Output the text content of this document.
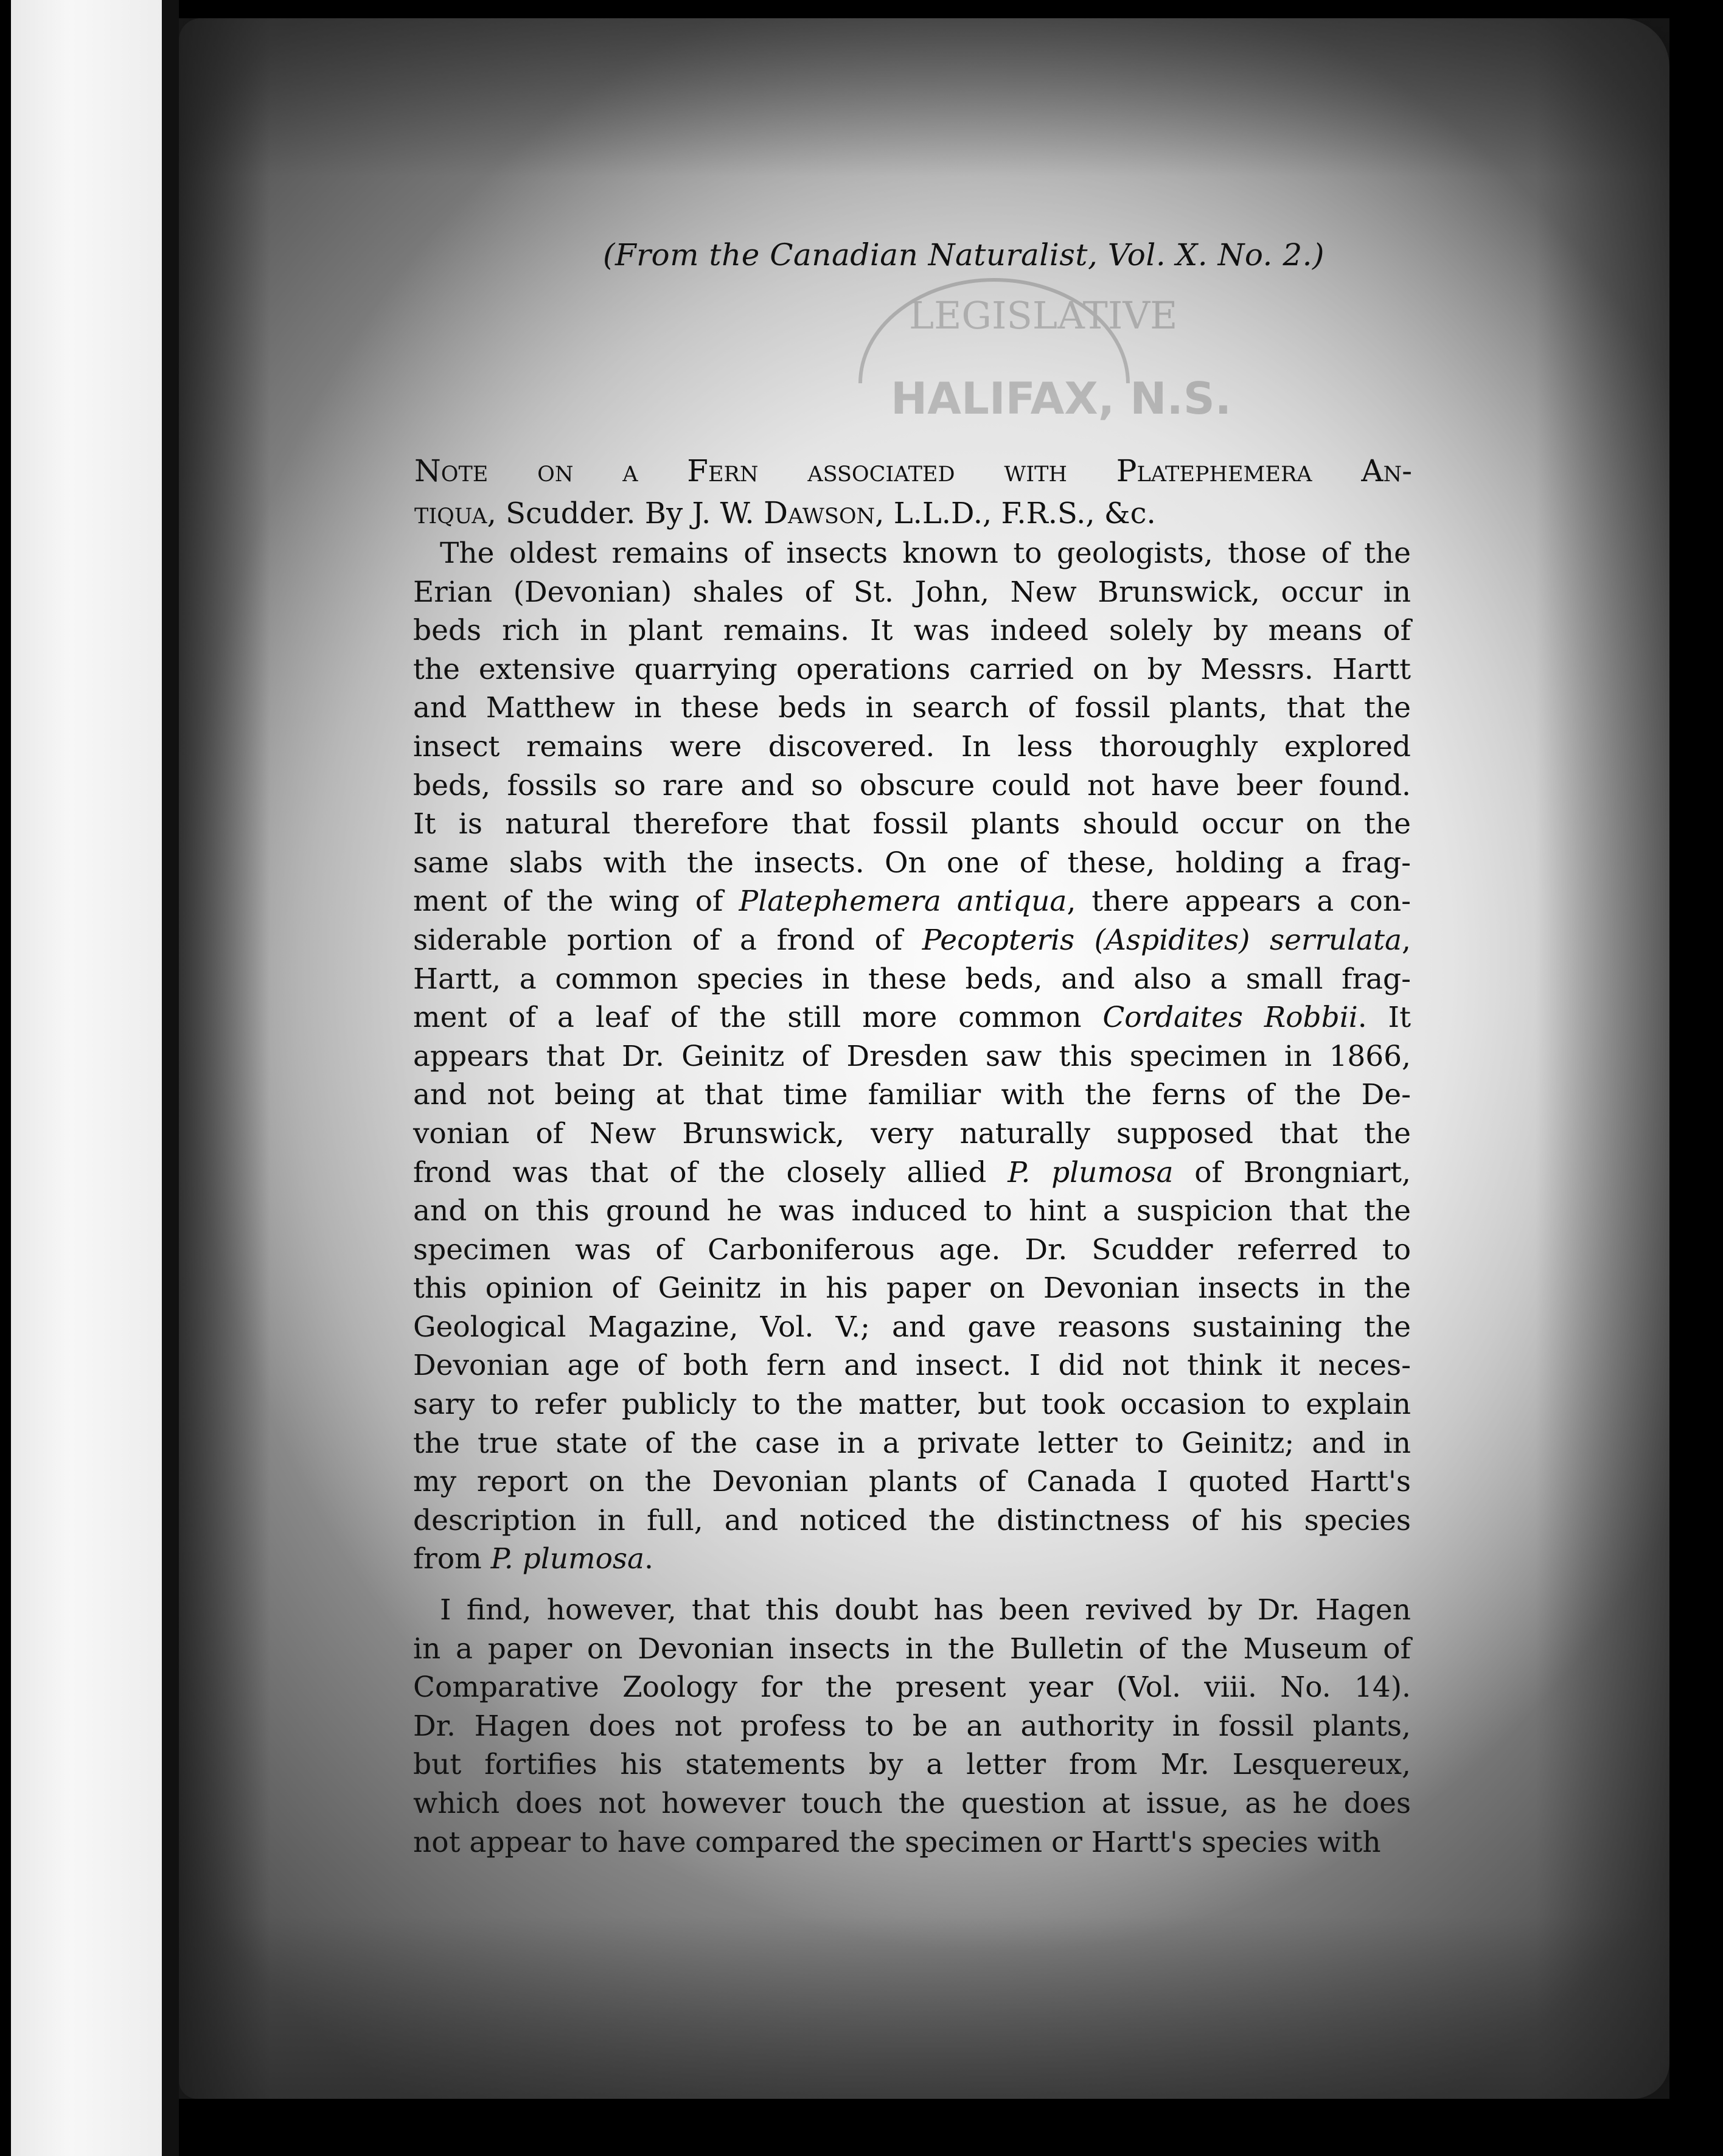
LEGISLATIVE
HALIFAX, N.S.
(From the Canadian Naturalist, Vol. X. No. 2.)
Note on a Fern associated with Platephemera An-
tiqua, Scudder. By J. W. Dawson, L.L.D., F.R.S., &c.
The oldest remains of insects known to geologists, those of the
Erian (Devonian) shales of St. John, New Brunswick, occur in
beds rich in plant remains. It was indeed solely by means of
the extensive quarrying operations carried on by Messrs. Hartt
and Matthew in these beds in search of fossil plants, that the
insect remains were discovered. In less thoroughly explored
beds, fossils so rare and so obscure could not have beer found.
It is natural therefore that fossil plants should occur on the
same slabs with the insects. On one of these, holding a frag-
ment of the wing of Platephemera antiqua, there appears a con-
siderable portion of a frond of Pecopteris (Aspidites) serrulata,
Hartt, a common species in these beds, and also a small frag-
ment of a leaf of the still more common Cordaites Robbii. It
appears that Dr. Geinitz of Dresden saw this specimen in 1866,
and not being at that time familiar with the ferns of the De-
vonian of New Brunswick, very naturally supposed that the
frond was that of the closely allied P. plumosa of Brongniart,
and on this ground he was induced to hint a suspicion that the
specimen was of Carboniferous age. Dr. Scudder referred to
this opinion of Geinitz in his paper on Devonian insects in the
Geological Magazine, Vol. V.; and gave reasons sustaining the
Devonian age of both fern and insect. I did not think it neces-
sary to refer publicly to the matter, but took occasion to explain
the true state of the case in a private letter to Geinitz; and in
my report on the Devonian plants of Canada I quoted Hartt's
description in full, and noticed the distinctness of his species
from P. plumosa.
I find, however, that this doubt has been revived by Dr. Hagen
in a paper on Devonian insects in the Bulletin of the Museum of
Comparative Zoology for the present year (Vol. viii. No. 14).
Dr. Hagen does not profess to be an authority in fossil plants,
but fortifies his statements by a letter from Mr. Lesquereux,
which does not however touch the question at issue, as he does
not appear to have compared the specimen or Hartt's species with
